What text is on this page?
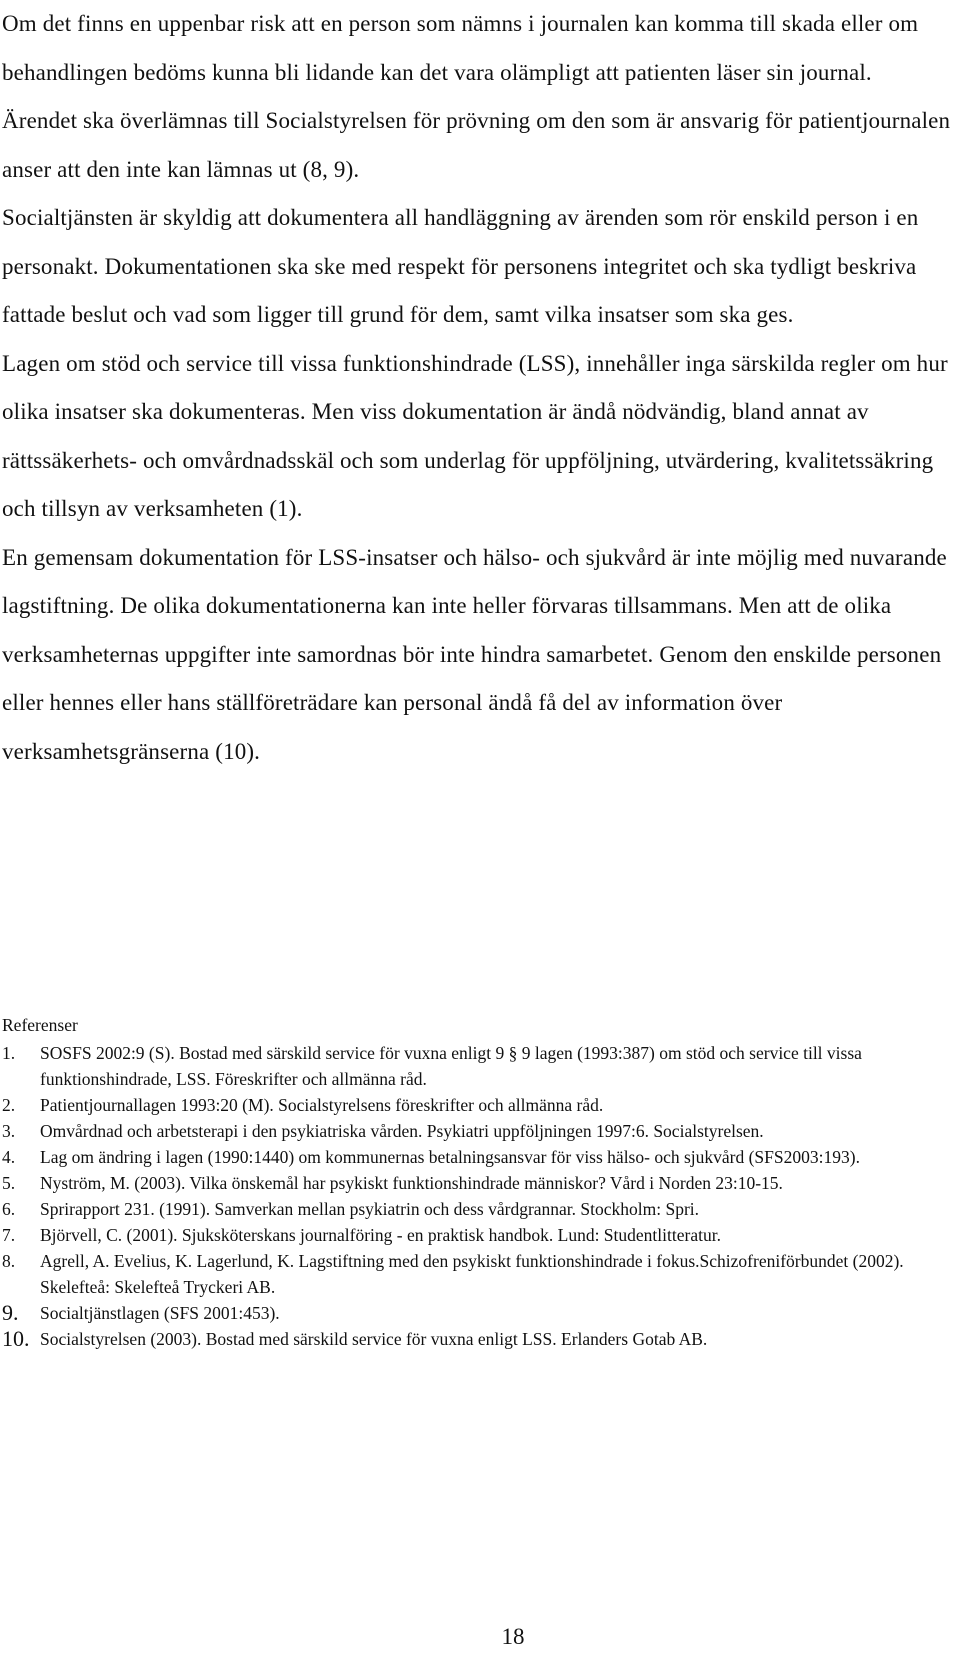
Om det finns en uppenbar risk att en person som nämns i journalen kan komma till skada eller om behandlingen bedöms kunna bli lidande kan det vara olämpligt att patienten läser sin journal. Ärendet ska överlämnas till Socialstyrelsen för prövning om den som är ansvarig för patientjournalen anser att den inte kan lämnas ut (8, 9).

Socialtjänsten är skyldig att dokumentera all handläggning av ärenden som rör enskild person i en personakt. Dokumentationen ska ske med respekt för personens integritet och ska tydligt beskriva fattade beslut och vad som ligger till grund för dem, samt vilka insatser som ska ges.

Lagen om stöd och service till vissa funktionshindrade (LSS), innehåller inga särskilda regler om hur olika insatser ska dokumenteras. Men viss dokumentation är ändå nödvändig, bland annat av rättssäkerhets- och omvårdnadsskäl och som underlag för uppföljning, utvärdering, kvalitetssäkring och tillsyn av verksamheten (1).

En gemensam dokumentation för LSS-insatser och hälso- och sjukvård är inte möjlig med nuvarande lagstiftning. De olika dokumentationerna kan inte heller förvaras tillsammans. Men att de olika verksamheternas uppgifter inte samordnas bör inte hindra samarbetet. Genom den enskilde personen eller hennes eller hans ställföreträdare kan personal ändå få del av information över verksamhetsgränserna (10).

Referenser
1.	SOSFS 2002:9 (S). Bostad med särskild service för vuxna enligt 9 § 9 lagen (1993:387) om stöd och service till vissa funktionshindrade, LSS. Föreskrifter och allmänna råd.
2.	Patientjournallagen 1993:20 (M). Socialstyrelsens föreskrifter och allmänna råd.
3.	Omvårdnad och arbetsterapi i den psykiatriska vården. Psykiatri uppföljningen 1997:6. Socialstyrelsen.
4.	Lag om ändring i lagen (1990:1440) om kommunernas betalningsansvar för viss hälso- och sjukvård (SFS2003:193).
5.	Nyström, M. (2003). Vilka önskemål har psykiskt funktionshindrade människor? Vård i Norden 23:10-15.
6.	Sprirapport 231. (1991). Samverkan mellan psykiatrin och dess vårdgrannar. Stockholm: Spri.
7.	Björvell, C. (2001). Sjuksköterskans journalföring - en praktisk handbok. Lund: Studentlitteratur.
8.	Agrell, A. Evelius, K. Lagerlund, K. Lagstiftning med den psykiskt funktionshindrade i fokus.Schizofreniförbundet (2002). Skelefteå: Skelefteå Tryckeri AB.
9.	Socialtjänstlagen (SFS 2001:453).
10. Socialstyrelsen (2003). Bostad med särskild service för vuxna enligt LSS. Erlanders Gotab AB.
18
